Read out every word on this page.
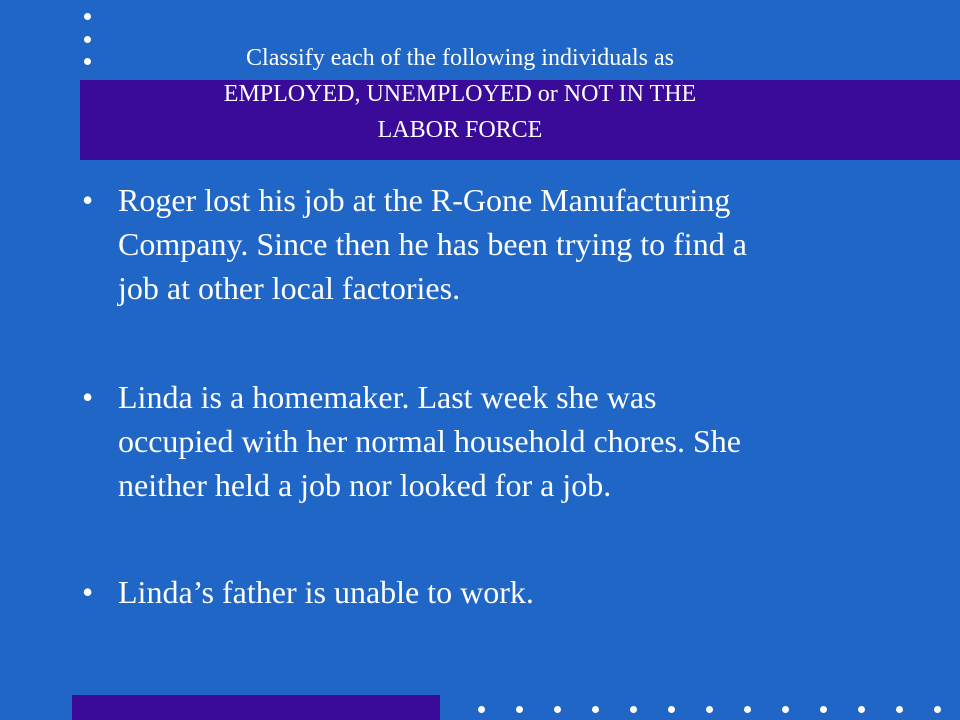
Classify each of the following individuals as
EMPLOYED, UNEMPLOYED or NOT IN THE
LABOR FORCE
• Roger lost his job at the R-Gone Manufacturing
Company. Since then he has been trying to find a
job at other local factories.
• Linda is a homemaker. Last week she was
occupied with her normal household chores. She
neither held a job nor looked for a job.
• Linda’s father is unable to work.
